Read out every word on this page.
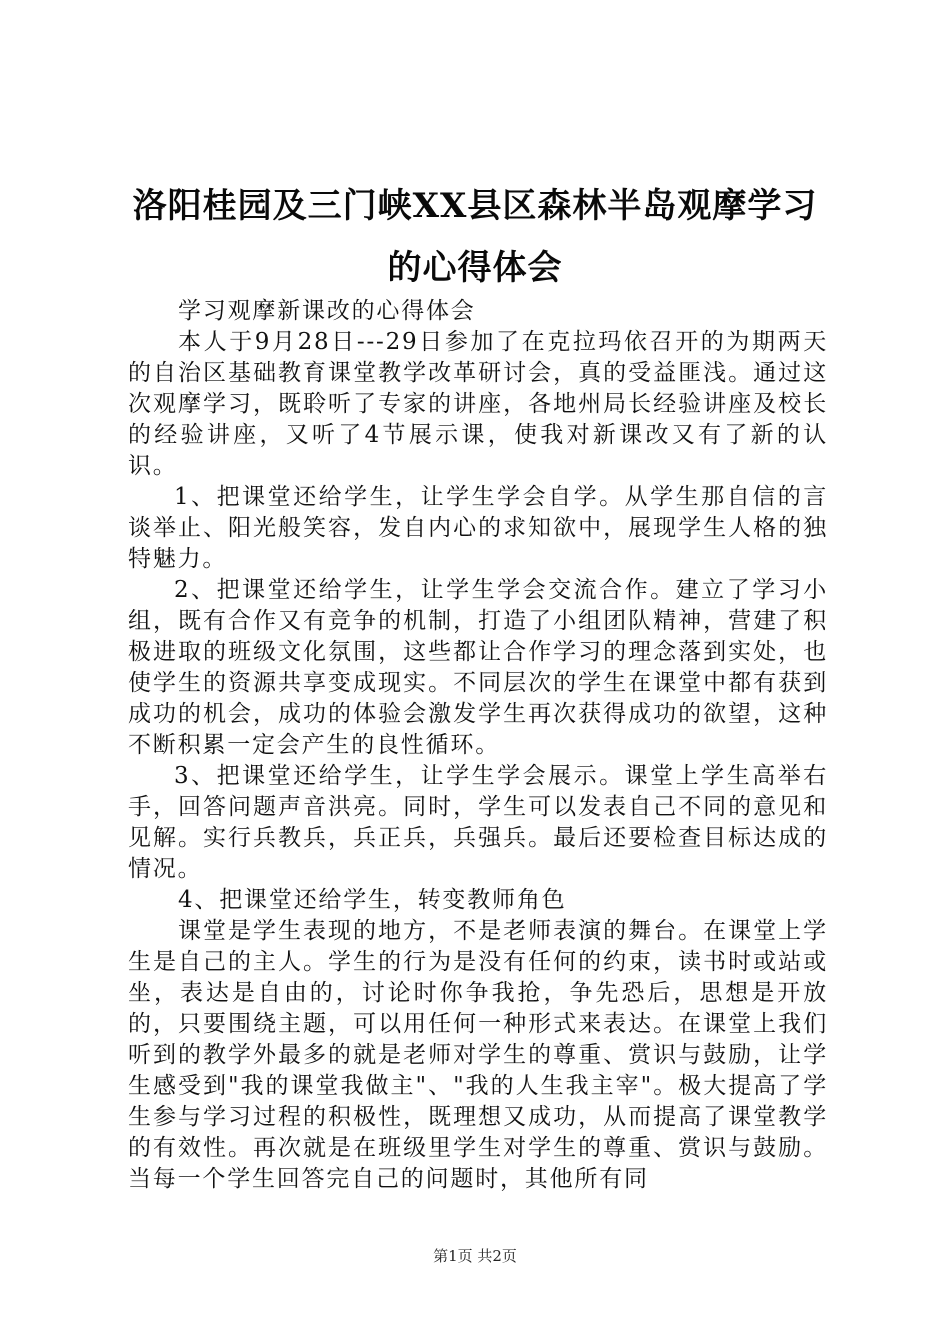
洛阳桂园及三门峡XX县区森林半岛观摩学习
的心得体会

学习观摩新课改的心得体会

本人于9月28日---29日参加了在克拉玛依召开的为期两天的自治区基础教育课堂教学改革研讨会，真的受益匪浅。通过这次观摩学习，既聆听了专家的讲座，各地州局长经验讲座及校长的经验讲座，又听了4节展示课，使我对新课改又有了新的认识。

1、把课堂还给学生，让学生学会自学。从学生那自信的言谈举止、阳光般笑容，发自内心的求知欲中，展现学生人格的独特魅力。

2、把课堂还给学生，让学生学会交流合作。建立了学习小组，既有合作又有竞争的机制，打造了小组团队精神，营建了积极进取的班级文化氛围，这些都让合作学习的理念落到实处，也使学生的资源共享变成现实。不同层次的学生在课堂中都有获到成功的机会，成功的体验会激发学生再次获得成功的欲望，这种不断积累一定会产生的良性循环。

3、把课堂还给学生，让学生学会展示。课堂上学生高举右手，回答问题声音洪亮。同时，学生可以发表自己不同的意见和见解。实行兵教兵，兵正兵，兵强兵。最后还要检查目标达成的情况。

4、把课堂还给学生，转变教师角色

课堂是学生表现的地方，不是老师表演的舞台。在课堂上学生是自己的主人。学生的行为是没有任何的约束，读书时或站或坐，表达是自由的，讨论时你争我抢，争先恐后，思想是开放的，只要围绕主题，可以用任何一种形式来表达。在课堂上我们听到的教学外最多的就是老师对学生的尊重、赏识与鼓励，让学生感受到"我的课堂我做主"、"我的人生我主宰"。极大提高了学生参与学习过程的积极性，既理想又成功，从而提高了课堂教学的有效性。再次就是在班级里学生对学生的尊重、赏识与鼓励。当每一个学生回答完自己的问题时，其他所有同

第1页 共2页
